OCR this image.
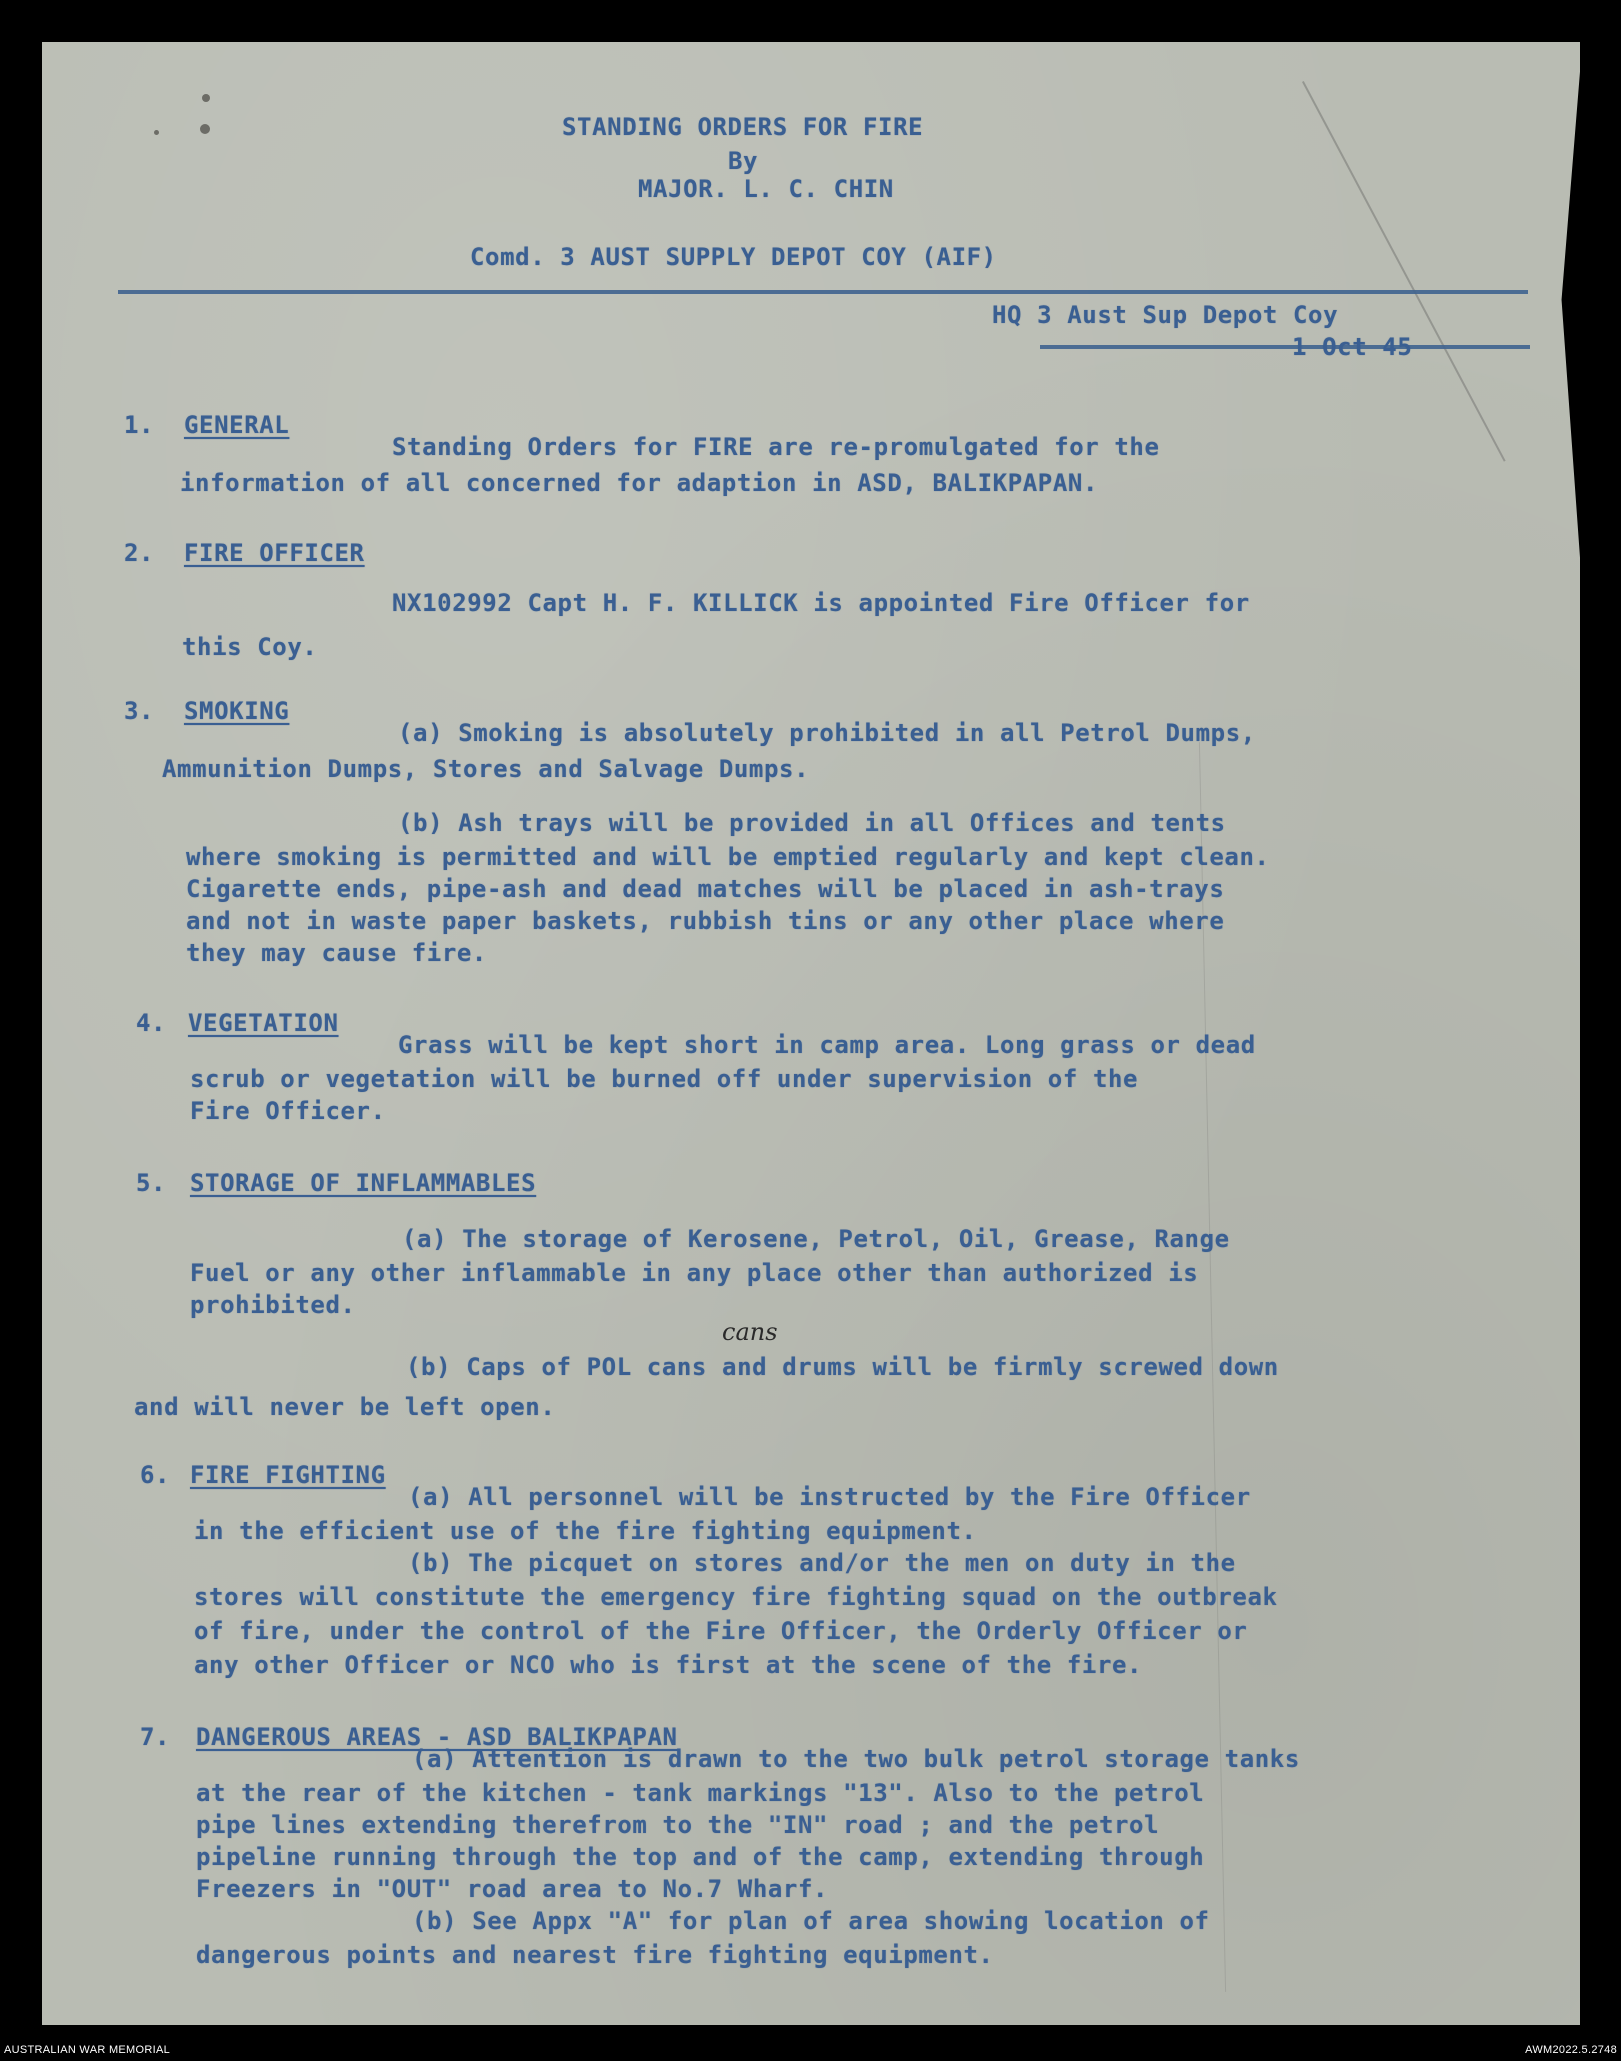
STANDING ORDERS FOR FIRE
By
MAJOR. L. C. CHIN
Comd. 3 AUST SUPPLY DEPOT COY (AIF)
HQ 3 Aust Sup Depot Coy
1 Oct 45
1. GENERAL
Standing Orders for FIRE are re-promulgated for the
information of all concerned for adaption in ASD, BALIKPAPAN.
2. FIRE OFFICER
NX102992 Capt H. F. KILLICK is appointed Fire Officer for
this Coy.
3. SMOKING
(a) Smoking is absolutely prohibited in all Petrol Dumps,
Ammunition Dumps, Stores and Salvage Dumps.
(b) Ash trays will be provided in all Offices and tents
where smoking is permitted and will be emptied regularly and kept clean.
Cigarette ends, pipe-ash and dead matches will be placed in ash-trays
and not in waste paper baskets, rubbish tins or any other place where
they may cause fire.
4. VEGETATION
Grass will be kept short in camp area. Long grass or dead
scrub or vegetation will be burned off under supervision of the
Fire Officer.
5. STORAGE OF INFLAMMABLES
(a) The storage of Kerosene, Petrol, Oil, Grease, Range
Fuel or any other inflammable in any place other than authorized is
prohibited.
(b) Caps of POL cans and drums will be firmly screwed down
and will never be left open.
cans
6. FIRE FIGHTING
(a) All personnel will be instructed by the Fire Officer
in the efficient use of the fire fighting equipment.
(b) The picquet on stores and/or the men on duty in the
stores will constitute the emergency fire fighting squad on the outbreak
of fire, under the control of the Fire Officer, the Orderly Officer or
any other Officer or NCO who is first at the scene of the fire.
7. DANGEROUS AREAS - ASD BALIKPAPAN
(a) Attention is drawn to the two bulk petrol storage tanks
at the rear of the kitchen - tank markings "13". Also to the petrol
pipe lines extending therefrom to the "IN" road ; and the petrol
pipeline running through the top and of the camp, extending through
Freezers in "OUT" road area to No.7 Wharf.
(b) See Appx "A" for plan of area showing location of
dangerous points and nearest fire fighting equipment.
AUSTRALIAN WAR MEMORIAL	AWM2022.5.2748
